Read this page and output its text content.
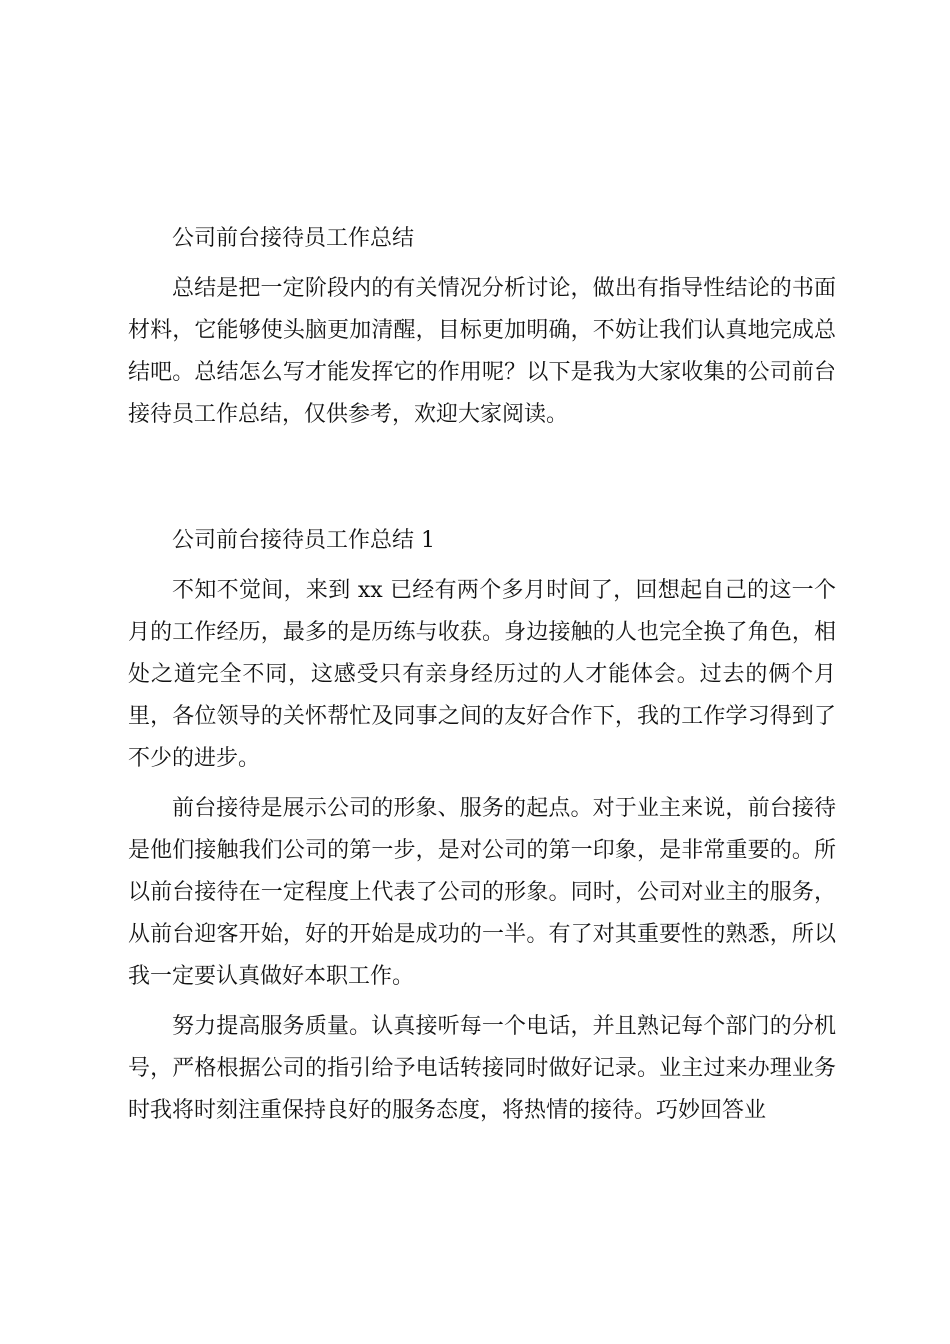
公司前台接待员工作总结

总结是把一定阶段内的有关情况分析讨论，做出有指导性结论的书面材料，它能够使头脑更加清醒，目标更加明确，不妨让我们认真地完成总结吧。总结怎么写才能发挥它的作用呢？以下是我为大家收集的公司前台接待员工作总结，仅供参考，欢迎大家阅读。

公司前台接待员工作总结 1

不知不觉间，来到 xx 已经有两个多月时间了，回想起自己的这一个月的工作经历，最多的是历练与收获。身边接触的人也完全换了角色，相处之道完全不同，这感受只有亲身经历过的人才能体会。过去的俩个月里，各位领导的关怀帮忙及同事之间的友好合作下，我的工作学习得到了不少的进步。

前台接待是展示公司的形象、服务的起点。对于业主来说，前台接待是他们接触我们公司的第一步，是对公司的第一印象，是非常重要的。所以前台接待在一定程度上代表了公司的形象。同时，公司对业主的服务，从前台迎客开始，好的开始是成功的一半。有了对其重要性的熟悉，所以我一定要认真做好本职工作。

努力提高服务质量。认真接听每一个电话，并且熟记每个部门的分机号，严格根据公司的指引给予电话转接同时做好记录。业主过来办理业务时我将时刻注重保持良好的服务态度，将热情的接待。巧妙回答业
